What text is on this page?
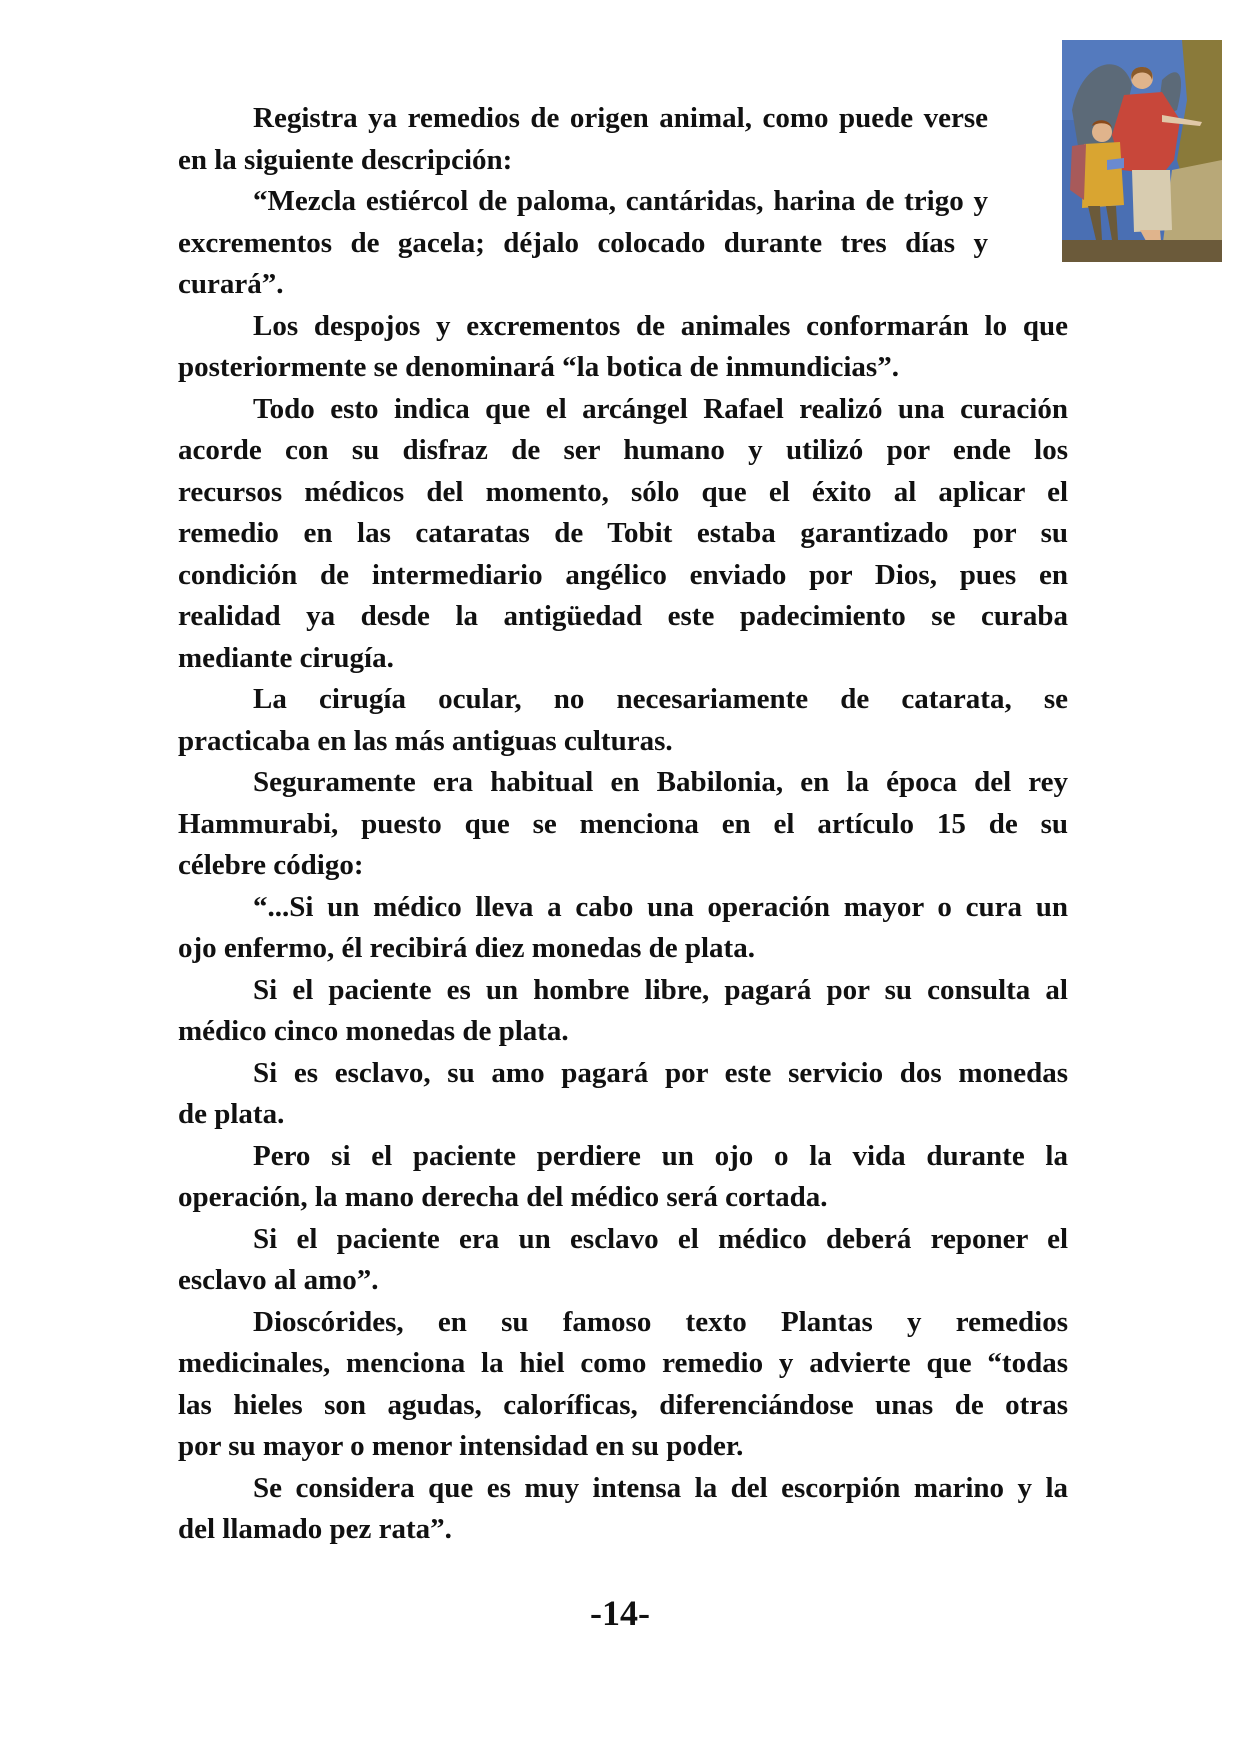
Registra ya remedios de origen animal, como puede verse
en la siguiente descripción:
“Mezcla estiércol de paloma, cantáridas, harina de trigo y
excrementos de gacela; déjalo colocado durante tres días y
curará”.
Los despojos y excrementos de animales conformarán lo que
posteriormente se denominará “la botica de inmundicias”.
Todo esto indica que el arcángel Rafael realizó una curación
acorde con su disfraz de ser humano y utilizó por ende los
recursos médicos del momento, sólo que el éxito al aplicar el
remedio en las cataratas de Tobit estaba garantizado por su
condición de intermediario angélico enviado por Dios, pues en
realidad ya desde la antigüedad este padecimiento se curaba
mediante cirugía.
La cirugía ocular, no necesariamente de catarata, se
practicaba en las más antiguas culturas.
Seguramente era habitual en Babilonia, en la época del rey
Hammurabi, puesto que se menciona en el artículo 15 de su
célebre código:
“...Si un médico lleva a cabo una operación mayor o cura un
ojo enfermo, él recibirá diez monedas de plata.
Si el paciente es un hombre libre, pagará por su consulta al
médico cinco monedas de plata.
Si es esclavo, su amo pagará por este servicio dos monedas
de plata.
Pero si el paciente perdiere un ojo o la vida durante la
operación, la mano derecha del médico será cortada.
Si el paciente era un esclavo el médico deberá reponer el
esclavo al amo”.
Dioscórides, en su famoso texto Plantas y remedios
medicinales, menciona la hiel como remedio y advierte que “todas
las hieles son agudas, caloríficas, diferenciándose unas de otras
por su mayor o menor intensidad en su poder.
Se considera que es muy intensa la del escorpión marino y la
del llamado pez rata”.
-14-
